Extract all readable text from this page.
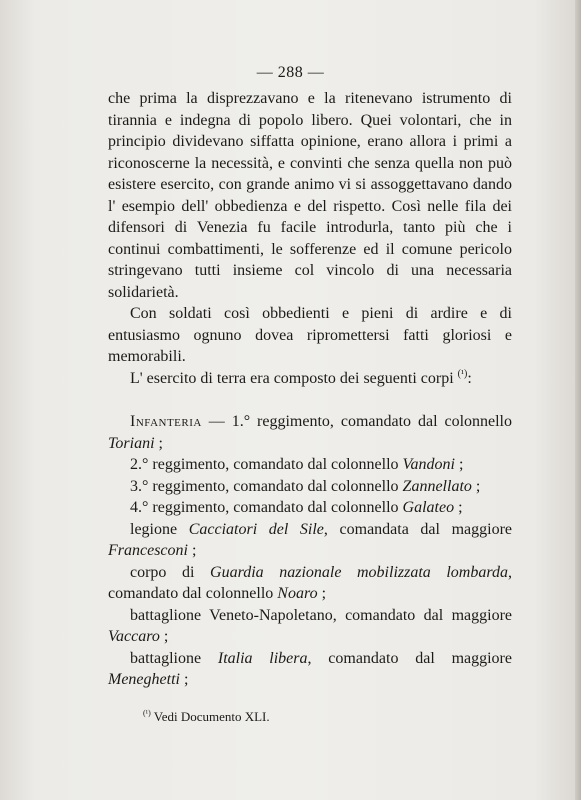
— 288 —

che prima la disprezzavano e la ritenevano istrumento di tirannia e indegna di popolo libero. Quei volontari, che in principio dividevano siffatta opinione, erano allora i primi a riconoscerne la necessità, e convinti che senza quella non può esistere esercito, con grande animo vi si assoggettavano dando l' esempio dell' obbedienza e del rispetto. Così nelle fila dei difensori di Venezia fu facile introdurla, tanto più che i continui combattimenti, le sofferenze ed il comune pericolo stringevano tutti insieme col vincolo di una necessaria solidarietà.

Con soldati così obbedienti e pieni di ardire e di entusiasmo ognuno dovea ripromettersi fatti gloriosi e memorabili.

L' esercito di terra era composto dei seguenti corpi $^{(^1)}$:

Infanteria — 1.° reggimento, comandato dal colonnello Toriani ;

2.° reggimento, comandato dal colonnello Vandoni ;

3.° reggimento, comandato dal colonnello Zannellato ;

4.° reggimento, comandato dal colonnello Galateo ;

legione Cacciatori del Sile, comandata dal maggiore Francesconi ;

corpo di Guardia nazionale mobilizzata lombarda, comandato dal colonnello Noaro ;

battaglione Veneto-Napoletano, comandato dal maggiore Vaccaro ;

battaglione Italia libera, comandato dal maggiore Meneghetti ;

$^{(^1)}$ Vedi Documento XLI.
